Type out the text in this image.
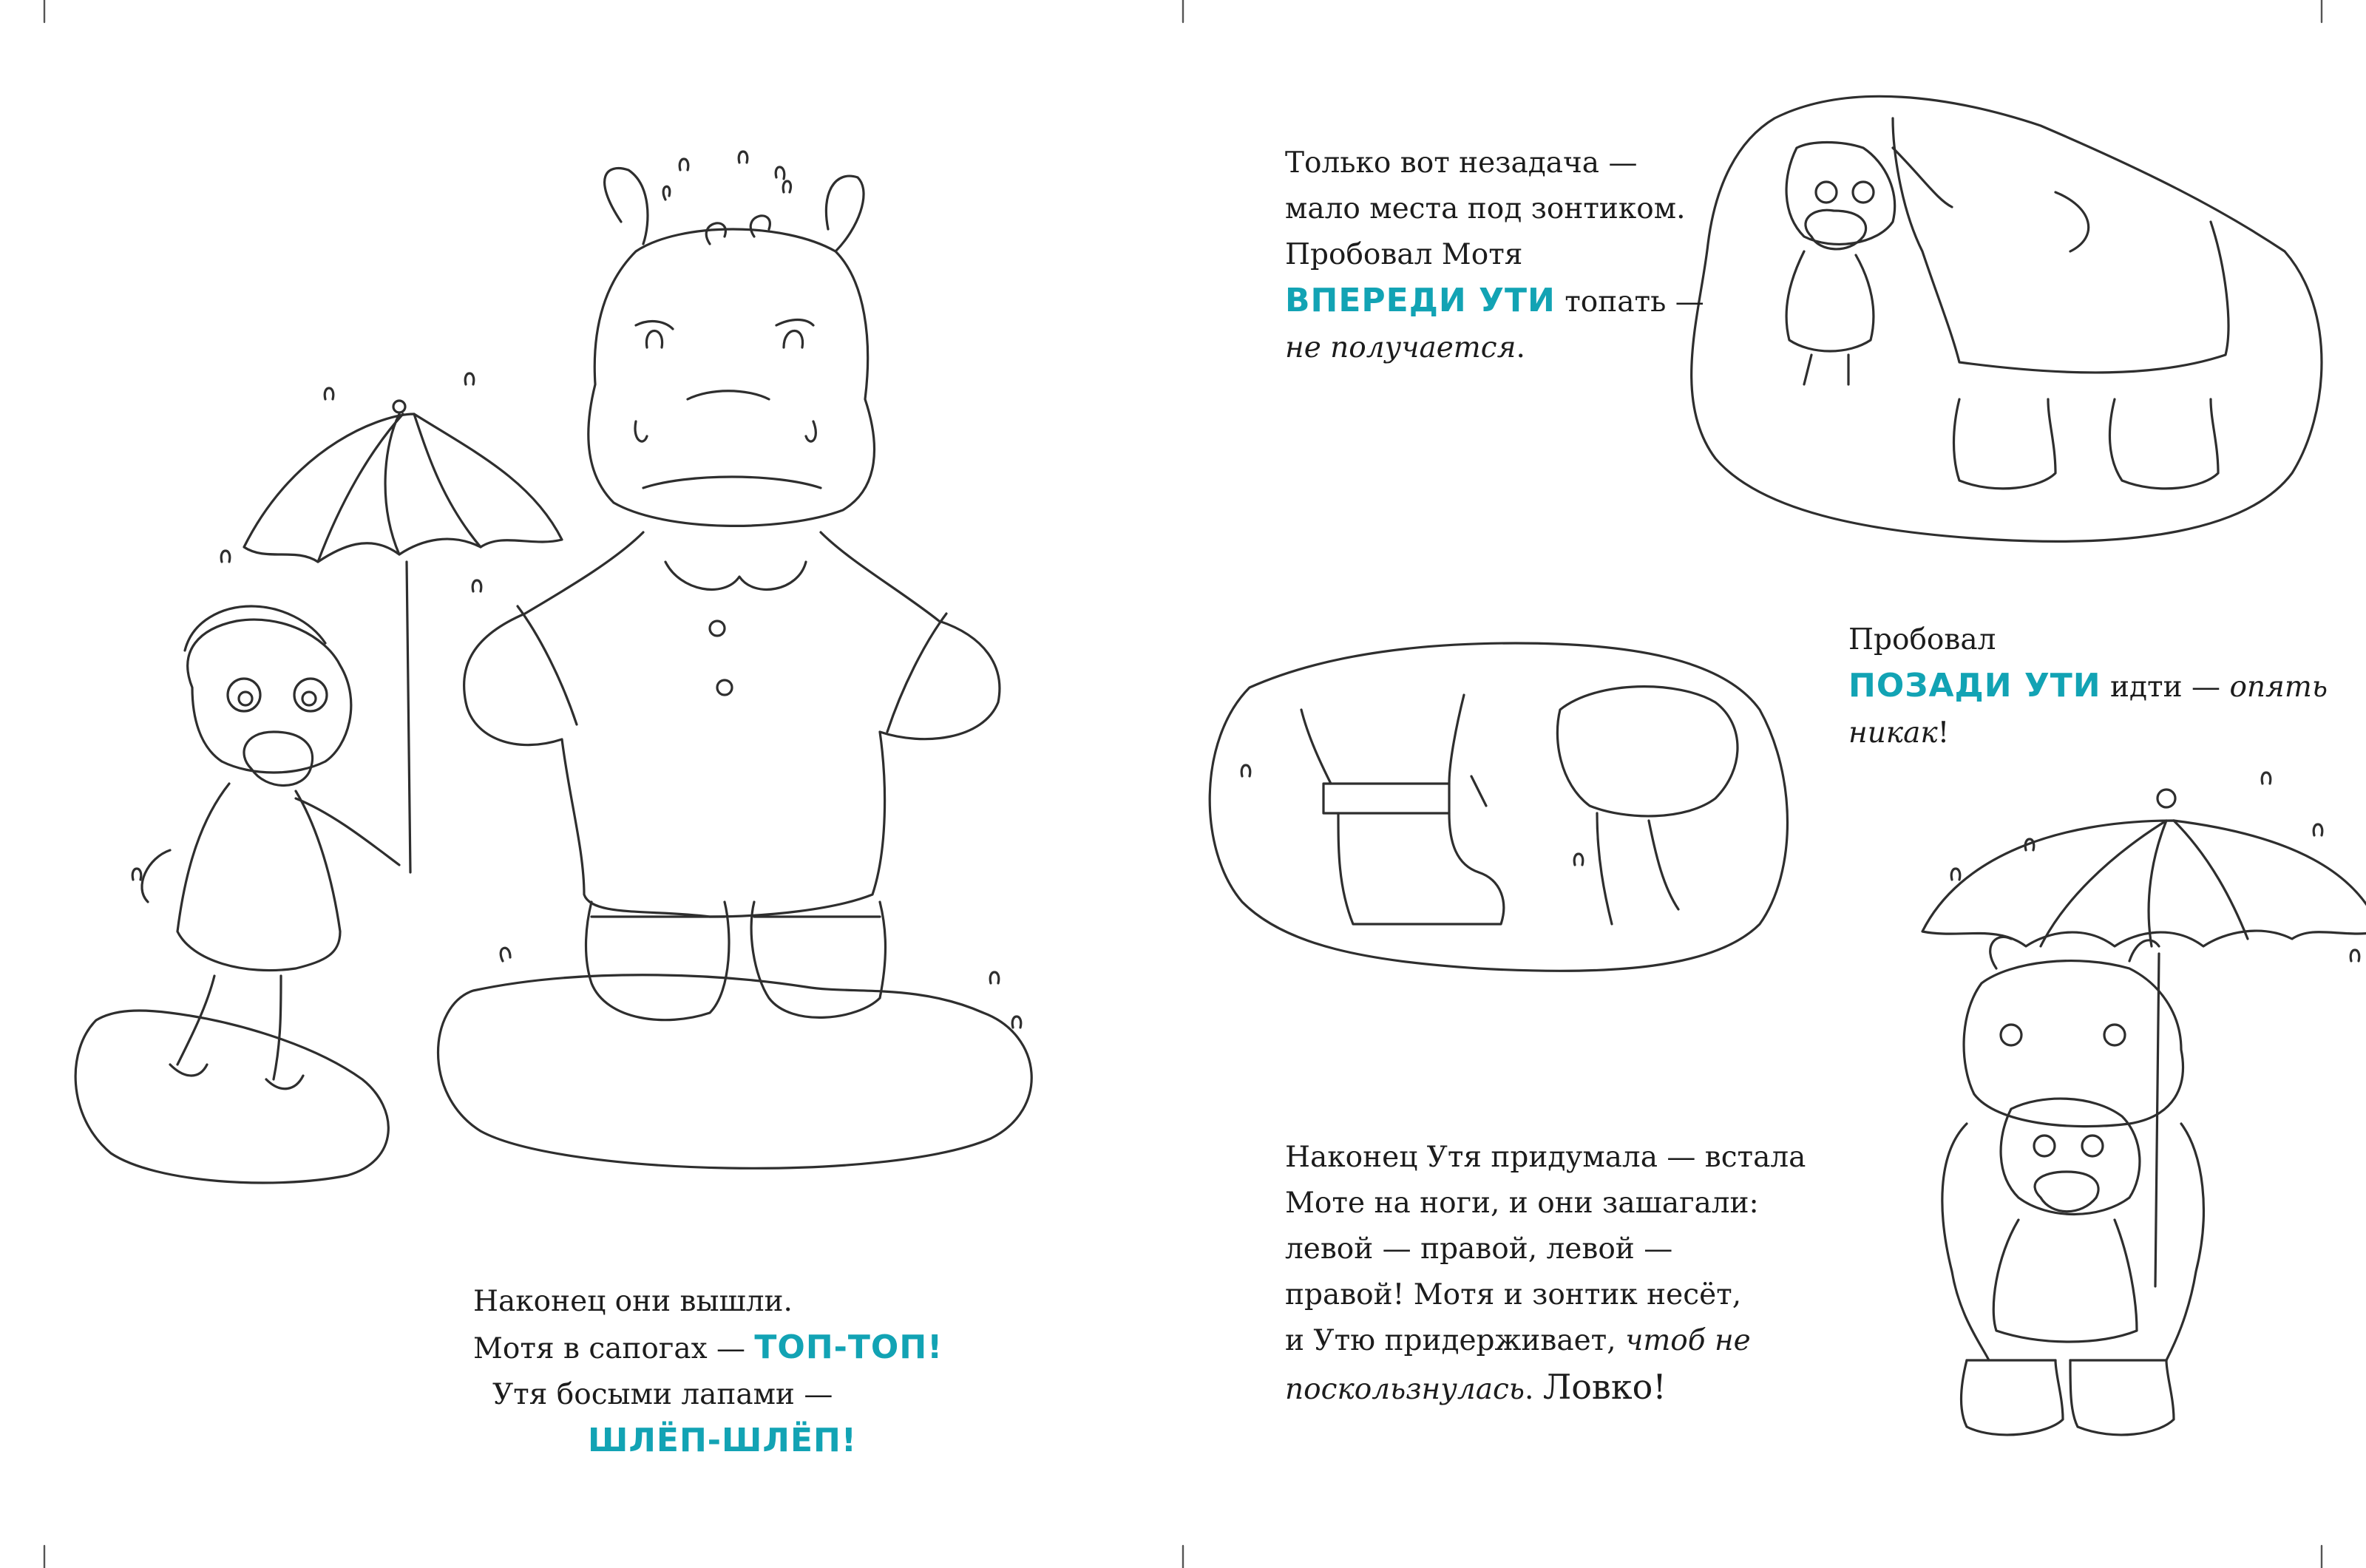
Наконец они вышли.

Мотя в сапогах — ТОП-ТОП!

Утя босыми лапами —

ШЛЁП-ШЛЁП!

Только вот незадача —

мало места под зонтиком.

Пробовал Мотя

ВПЕРЕДИ УТИ топать —

не получается.

Пробовал

ПОЗАДИ УТИ идти — опять

никак!

Наконец Утя придумала — встала

Моте на ноги, и они зашагали:

левой — правой, левой —

правой! Мотя и зонтик несёт,

и Утю придерживает, чтоб не

поскользнулась. Ловко!
